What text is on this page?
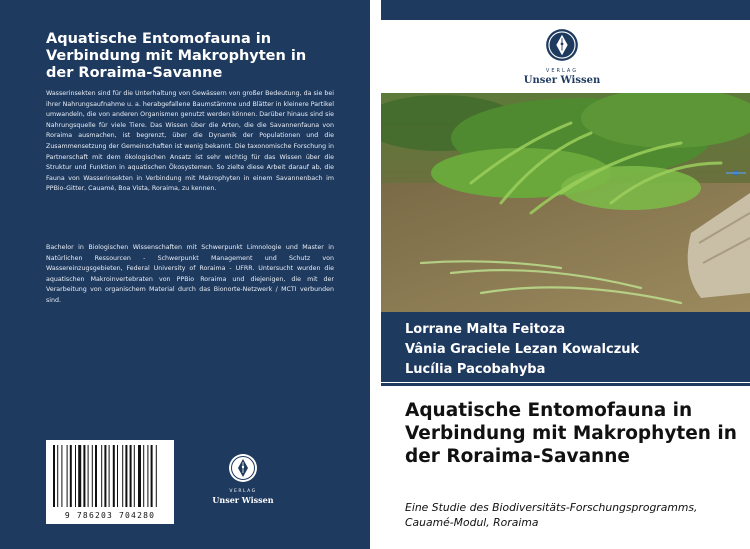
Aquatische Entomofauna in Verbindung mit Makrophyten in der Roraima-Savanne
Wasserinsekten sind für die Unterhaltung von Gewässern von großer Bedeutung, da sie bei ihrer Nahrungsaufnahme u. a. herabgefallene Baumstämme und Blätter in kleinere Partikel umwandeln, die von anderen Organismen genutzt werden können. Darüber hinaus sind sie Nahrungsquelle für viele Tiere. Das Wissen über die Arten, die die Savannenfauna von Roraima ausmachen, ist begrenzt, über die Dynamik der Populationen und die Zusammensetzung der Gemeinschaften ist wenig bekannt. Die taxonomische Forschung in Partnerschaft mit dem ökologischen Ansatz ist sehr wichtig für das Wissen über die Struktur und Funktion in aquatischen Ökosystemen. So zielte diese Arbeit darauf ab, die Fauna von Wasserinsekten in Verbindung mit Makrophyten in einem Savannenbach im PPBio-Gitter, Cauamé, Boa Vista, Roraima, zu kennen.
Bachelor in Biologischen Wissenschaften mit Schwerpunkt Limnologie und Master in Natürlichen Ressourcen - Schwerpunkt Management und Schutz von Wassereinzugsgebieten, Federal University of Roraima - UFRR. Untersucht wurden die aquatischen Makroinvertebraten von PPBio Roraima und diejenigen, die mit der Verarbeitung von organischem Material durch das Bionorte-Netzwerk / MCTI verbunden sind.
9 786203 704280
VERLAG
Unser Wissen
VERLAG
Unser Wissen
Lorrane Malta Feitoza
Vânia Graciele Lezan Kowalczuk
Lucília Pacobahyba
Aquatische Entomofauna in Verbindung mit Makrophyten in der Roraima-Savanne
Eine Studie des Biodiversitäts-Forschungsprogramms, Cauamé-Modul, Roraima
